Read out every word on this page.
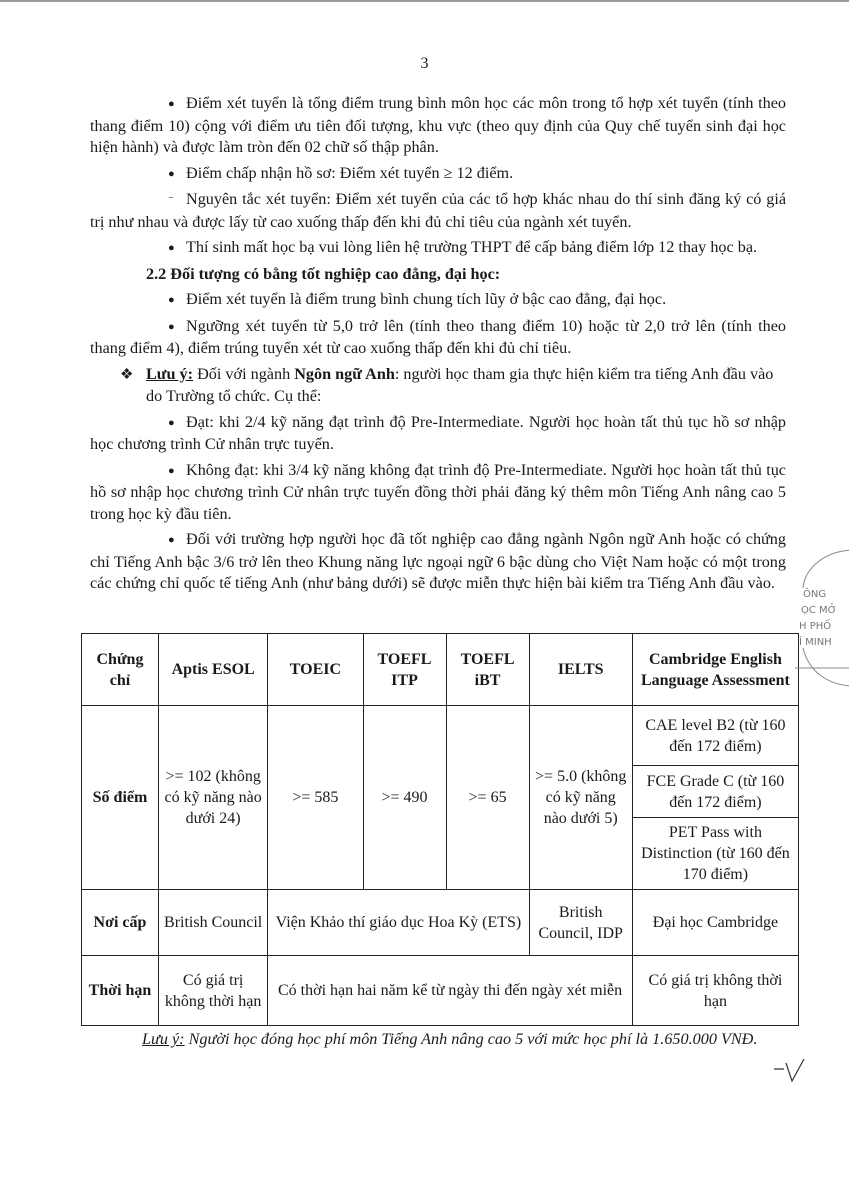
3

● Điểm xét tuyển là tổng điểm trung bình môn học các môn trong tổ hợp xét tuyển (tính theo thang điểm 10) cộng với điểm ưu tiên đối tượng, khu vực (theo quy định của Quy chế tuyển sinh đại học hiện hành) và được làm tròn đến 02 chữ số thập phân.

● Điểm chấp nhận hồ sơ: Điểm xét tuyển ≥ 12 điểm.

⁻ Nguyên tắc xét tuyển: Điểm xét tuyển của các tổ hợp khác nhau do thí sinh đăng ký có giá trị như nhau và được lấy từ cao xuống thấp đến khi đủ chỉ tiêu của ngành xét tuyển.

● Thí sinh mất học bạ vui lòng liên hệ trường THPT để cấp bảng điểm lớp 12 thay học bạ.

2.2 Đối tượng có bằng tốt nghiệp cao đẳng, đại học:

● Điểm xét tuyển là điểm trung bình chung tích lũy ở bậc cao đẳng, đại học.

● Ngưỡng xét tuyển từ 5,0 trở lên (tính theo thang điểm 10) hoặc từ 2,0 trở lên (tính theo thang điểm 4), điểm trúng tuyển xét từ cao xuống thấp đến khi đủ chỉ tiêu.

❖ Lưu ý: Đối với ngành Ngôn ngữ Anh: người học tham gia thực hiện kiểm tra tiếng Anh đầu vào do Trường tổ chức. Cụ thể:

● Đạt: khi 2/4 kỹ năng đạt trình độ Pre-Intermediate. Người học hoàn tất thủ tục hồ sơ nhập học chương trình Cử nhân trực tuyến.

● Không đạt: khi 3/4 kỹ năng không đạt trình độ Pre-Intermediate. Người học hoàn tất thủ tục hồ sơ nhập học chương trình Cử nhân trực tuyến đồng thời phải đăng ký thêm môn Tiếng Anh nâng cao 5 trong học kỳ đầu tiên.

● Đối với trường hợp người học đã tốt nghiệp cao đẳng ngành Ngôn ngữ Anh hoặc có chứng chỉ Tiếng Anh bậc 3/6 trở lên theo Khung năng lực ngoại ngữ 6 bậc dùng cho Việt Nam hoặc có một trong các chứng chỉ quốc tế tiếng Anh (như bảng dưới) sẽ được miễn thực hiện bài kiểm tra Tiếng Anh đầu vào.

Chứng chỉ	Aptis ESOL	TOEIC	TOEFL ITP	TOEFL iBT	IELTS	Cambridge English Language Assessment
Số điểm	>= 102 (không có kỹ năng nào dưới 24)	>= 585	>= 490	>= 65	>= 5.0 (không có kỹ năng nào dưới 5)	CAE level B2 (từ 160 đến 172 điểm)
						FCE Grade C (từ 160 đến 172 điểm)
						PET Pass with Distinction (từ 160 đến 170 điểm)
Nơi cấp	British Council	Viện Khảo thí giáo dục Hoa Kỳ (ETS)			British Council, IDP	Đại học Cambridge
Thời hạn	Có giá trị không thời hạn	Có thời hạn hai năm kể từ ngày thi đến ngày xét miễn				Có giá trị không thời hạn
Lưu ý: Người học đóng học phí môn Tiếng Anh nâng cao 5 với mức học phí là 1.650.000 VNĐ.
ÔNG
ỌC MỞ
H PHỐ
Í MINH
